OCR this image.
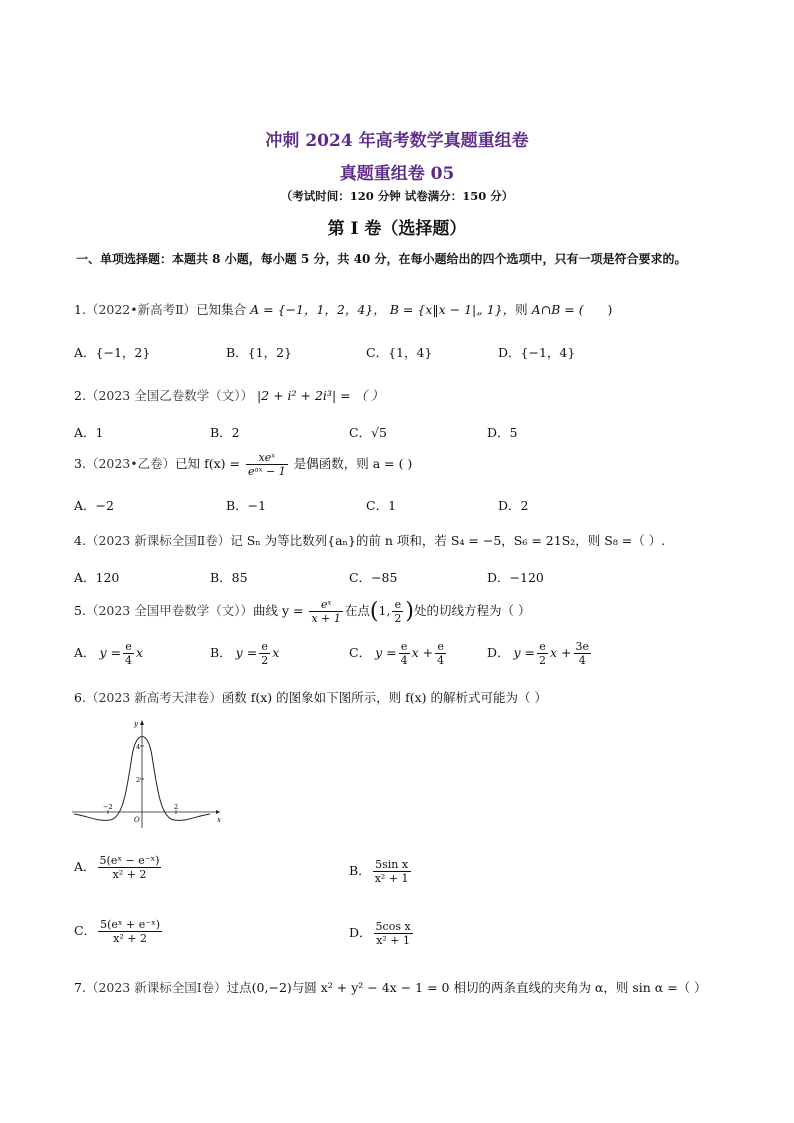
冲刺 2024 年高考数学真题重组卷
真题重组卷 05
（考试时间：120 分钟 试卷满分：150 分）
第 I 卷（选择题）
一、单项选择题：本题共 8 小题，每小题 5 分，共 40 分，在每小题给出的四个选项中，只有一项是符合要求的。
1.（2022•新高考Ⅱ）已知集合 A = {−1，1，2，4}， B = {x‖x − 1|„ 1}，则 A∩B = ( )
A．{−1，2}	B．{1，2}	C．{1，4}	D．{−1，4}
2.（2023 全国乙卷数学（文）） |2 + i² + 2i³| = （ ）
A．1	B．2	C．√5	D．5
3.（2023•乙卷）已知 $f(x) = \frac{\text{xeˣ}}{\text{eᵃˣ − 1}}$ 是偶函数，则 a = ( )
A．−2	B．−1	C．1	D．2
4.（2023 新课标全国Ⅱ卷）记 Sₙ 为等比数列{aₙ}的前 n 项和，若 S₄ = −5，S₆ = 21S₂，则 S₈ =（ ）.
A．120	B．85	C．−85	D．−120
5.（2023 全国甲卷数学（文））曲线 $y = \frac{\text{eˣ}}{x + 1}$ 在点(1, $\frac{e}{2}$ )处的切线方程为（ ）
A． $y = \frac{e}{4}$ x	B． $y = \frac{e}{2}$ x	C． $y = \frac{e}{4}$ $x + \frac{e}{4}$	D． $y = \frac{e}{2}$ $x + \frac{3e}{4}$
6.（2023 新高考天津卷）函数 f(x) 的图象如下图所示，则 f(x) 的解析式可能为（ ）
y
x
O
4
2
−2	2
A． $\frac{\text{5(eˣ − e⁻ˣ)}}{\text{x² + 2}}$	B． $\frac{\text{5sin x}}{\text{x² + 1}}$
C． $\frac{\text{5(eˣ + e⁻ˣ)}}{\text{x² + 2}}$	D． $\frac{\text{5cos x}}{\text{x² + 1}}$
7.（2023 新课标全国Ⅰ卷）过点(0,−2)与圆 x² + y² − 4x − 1 = 0 相切的两条直线的夹角为 α，则 sin α =（ ）
